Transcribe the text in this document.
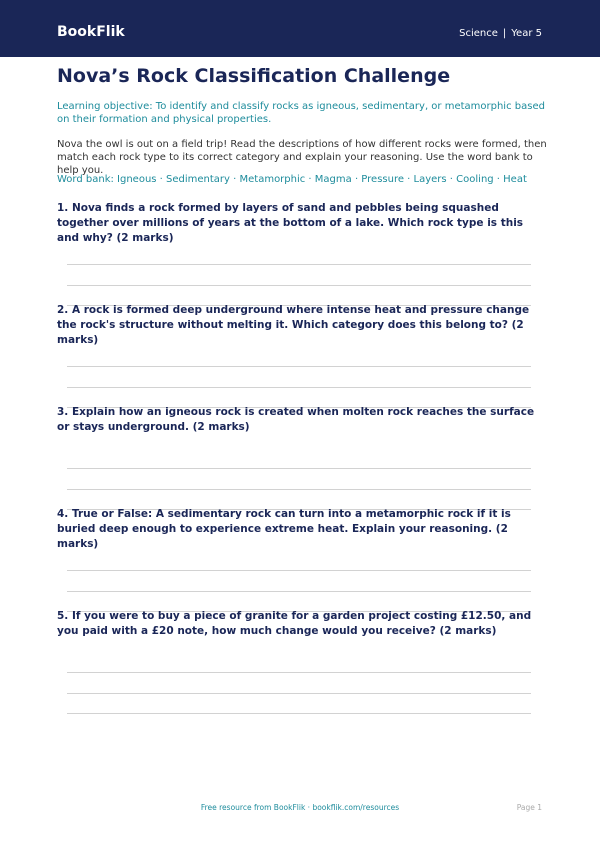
BookFlik	Science | Year 5
Nova’s Rock Classification Challenge

Learning objective: To identify and classify rocks as igneous, sedimentary, or metamorphic based on their formation and physical properties.

Nova the owl is out on a field trip! Read the descriptions of how different rocks were formed, then match each rock type to its correct category and explain your reasoning. Use the word bank to help you.

Word bank: Igneous · Sedimentary · Metamorphic · Magma · Pressure · Layers · Cooling · Heat

1. Nova finds a rock formed by layers of sand and pebbles being squashed together over millions of years at the bottom of a lake. Which rock type is this and why? (2 marks)

2. A rock is formed deep underground where intense heat and pressure change the rock's structure without melting it. Which category does this belong to? (2 marks)

3. Explain how an igneous rock is created when molten rock reaches the surface or stays underground. (2 marks)

4. True or False: A sedimentary rock can turn into a metamorphic rock if it is buried deep enough to experience extreme heat. Explain your reasoning. (2 marks)

5. If you were to buy a piece of granite for a garden project costing £12.50, and you paid with a £20 note, how much change would you receive? (2 marks)

Free resource from BookFlik · bookflik.com/resources	Page 1
